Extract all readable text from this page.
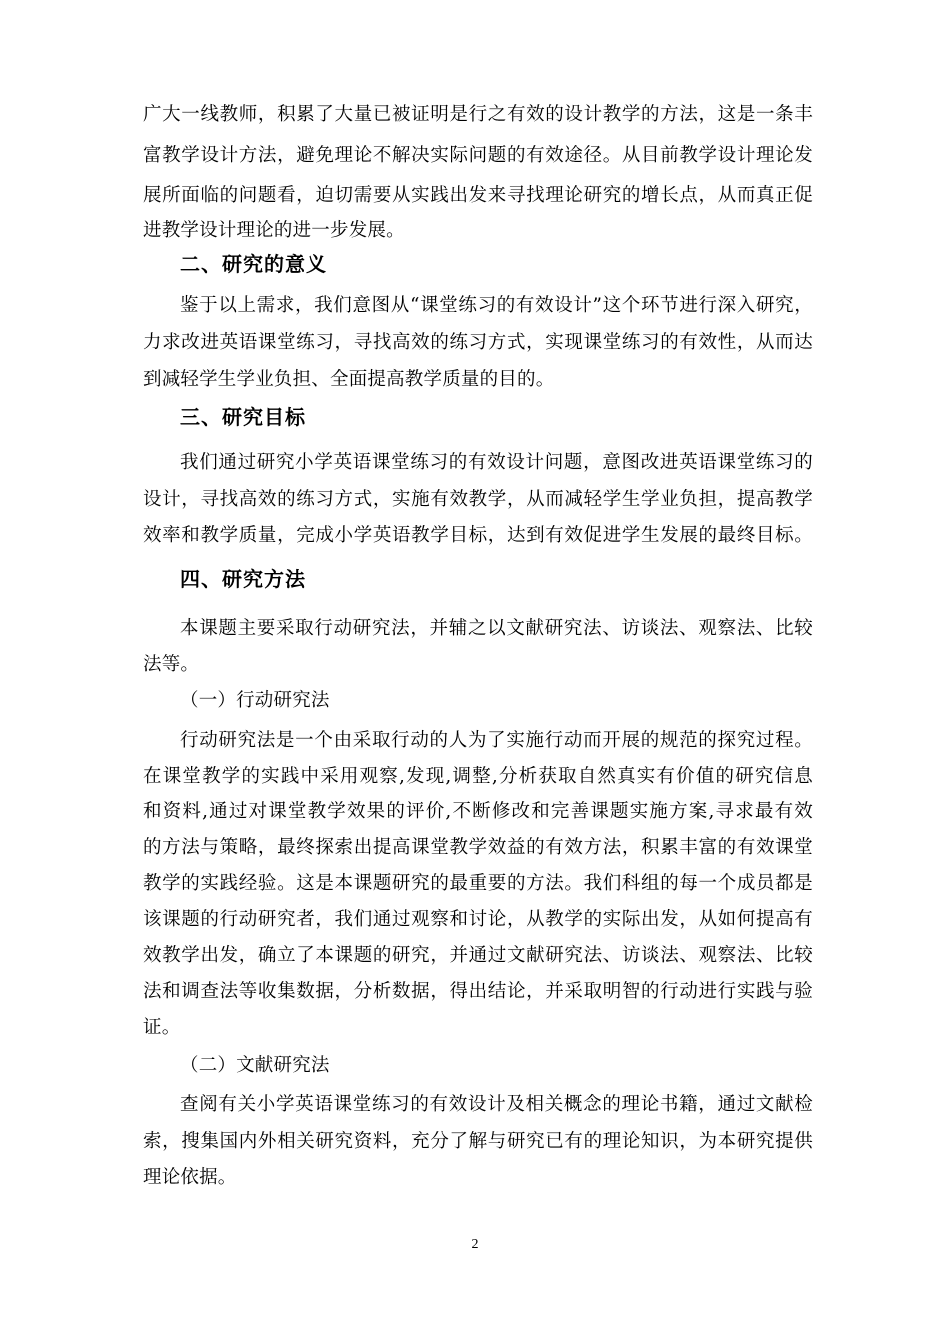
广大一线教师，积累了大量已被证明是行之有效的设计教学的方法，这是一条丰
富教学设计方法，避免理论不解决实际问题的有效途径。从目前教学设计理论发
展所面临的问题看，迫切需要从实践出发来寻找理论研究的增长点，从而真正促
进教学设计理论的进一步发展。
二、研究的意义
鉴于以上需求，我们意图从“课堂练习的有效设计”这个环节进行深入研究，
力求改进英语课堂练习，寻找高效的练习方式，实现课堂练习的有效性，从而达
到减轻学生学业负担、全面提高教学质量的目的。
三、研究目标
我们通过研究小学英语课堂练习的有效设计问题，意图改进英语课堂练习的
设计，寻找高效的练习方式，实施有效教学，从而减轻学生学业负担，提高教学
效率和教学质量，完成小学英语教学目标，达到有效促进学生发展的最终目标。
四、研究方法
本课题主要采取行动研究法，并辅之以文献研究法、访谈法、观察法、比较
法等。
（一）行动研究法
行动研究法是一个由采取行动的人为了实施行动而开展的规范的探究过程。
在课堂教学的实践中采用观察,发现,调整,分析获取自然真实有价值的研究信息
和资料,通过对课堂教学效果的评价,不断修改和完善课题实施方案,寻求最有效
的方法与策略，最终探索出提高课堂教学效益的有效方法，积累丰富的有效课堂
教学的实践经验。这是本课题研究的最重要的方法。我们科组的每一个成员都是
该课题的行动研究者，我们通过观察和讨论，从教学的实际出发，从如何提高有
效教学出发，确立了本课题的研究，并通过文献研究法、访谈法、观察法、比较
法和调查法等收集数据，分析数据，得出结论，并采取明智的行动进行实践与验
证。
（二）文献研究法
查阅有关小学英语课堂练习的有效设计及相关概念的理论书籍，通过文献检
索，搜集国内外相关研究资料，充分了解与研究已有的理论知识，为本研究提供
理论依据。
2
